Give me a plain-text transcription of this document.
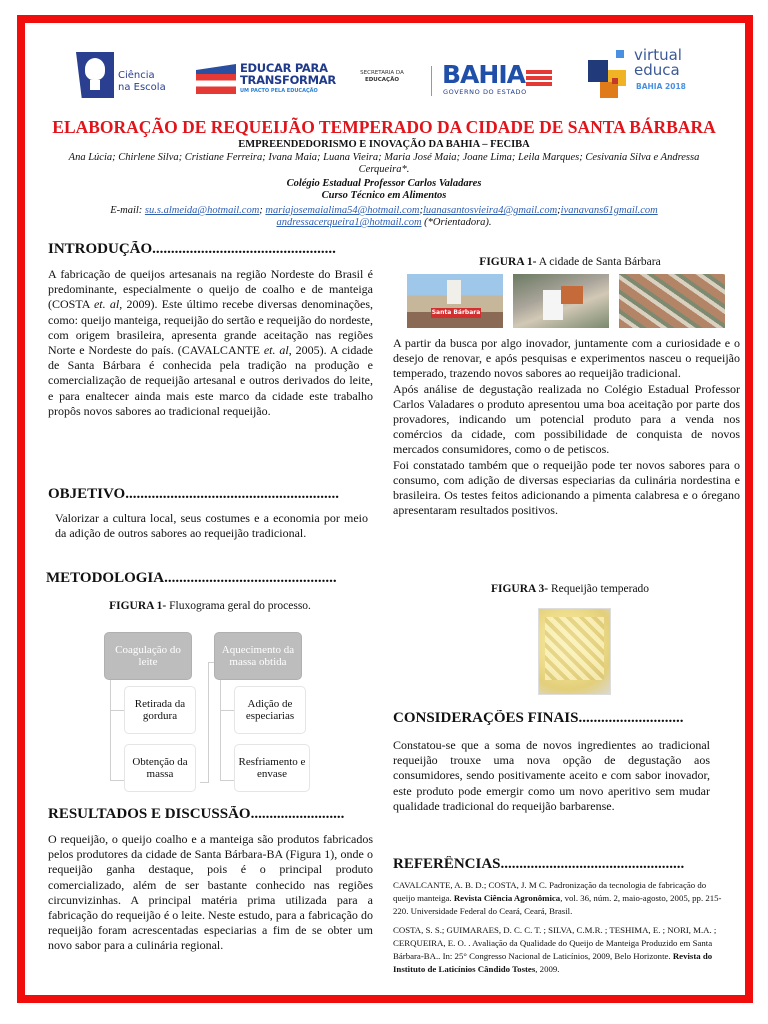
Ciência
na Escola
EDUCAR PARA
TRANSFORMAR
UM PACTO PELA EDUCAÇÃO
SECRETARIA DA
EDUCAÇÃO	BAHIA
GOVERNO DO ESTADO
virtual
educa
BAHIA 2018
ELABORAÇÃO DE REQUEIJÃO TEMPERADO DA CIDADE DE SANTA BÁRBARA
EMPREENDEDORISMO E INOVAÇÃO DA BAHIA – FECIBA
Ana Lúcia; Chirlene Silva; Cristiane Ferreira; Ivana Maia; Luana Vieira; Maria José Maia; Joane Lima; Leila Marques; Cesivania Silva e Andressa Cerqueira*.
Colégio Estadual Professor Carlos Valadares
Curso Técnico em Alimentos
E-mail: su.s.almeida@hotmail.com; mariajosemaialima54@hotmail.com;luanasantosvieira4@gmail.com;ivanavans61gmail.com
andressacerqueira1@hotmail.com (*Orientadora).
INTRODUÇÃO.................................................
A fabricação de queijos artesanais na região Nordeste do Brasil é predominante, especialmente o queijo de coalho e de manteiga (COSTA et. al, 2009). Este último recebe diversas denominações, como: queijo manteiga, requeijão do sertão e requeijão do nordeste, com origem brasileira, apresenta grande aceitação nas regiões Norte e Nordeste do país. (CAVALCANTE et. al, 2005). A cidade de Santa Bárbara é conhecida pela tradição na produção e comercialização de requeijão artesanal e outros derivados do leite, e para enaltecer ainda mais este marco da cidade este trabalho propôs novos sabores ao tradicional requeijão.
OBJETIVO.........................................................
Valorizar a cultura local, seus costumes e a economia por meio da adição de outros sabores ao requeijão tradicional.
METODOLOGIA..............................................
FIGURA 1- Fluxograma geral do processo.
Coagulação do leite
Retirada da gordura
Obtenção da massa
Aquecimento da massa obtida
Adição de especiarias
Resfriamento e envase
RESULTADOS E DISCUSSÃO.........................
O requeijão, o queijo coalho e a manteiga são produtos fabricados pelos produtores da cidade de Santa Bárbara-BA (Figura 1), onde o requeijão ganha destaque, pois é o principal produto comercializado, além de ser bastante conhecido nas regiões circunvizinhas. A principal matéria prima utilizada para a fabricação do requeijão é o leite. Neste estudo, para a fabricação do requeijão foram acrescentadas especiarias a fim de se obter um novo sabor para a culinária regional.
FIGURA 1- A cidade de Santa Bárbara
Santa Bárbara
A partir da busca por algo inovador, juntamente com a curiosidade e o desejo de renovar, e após pesquisas e experimentos nasceu o requeijão temperado, trazendo novos sabores ao requeijão tradicional.
Após análise de degustação realizada no Colégio Estadual Professor Carlos Valadares o produto apresentou uma boa aceitação por parte dos provadores, indicando um potencial produto para a venda nos comércios da cidade, com possibilidade de conquista de novos mercados consumidores, como o de petiscos.
Foi constatado também que o requeijão pode ter novos sabores para o consumo, com adição de diversas especiarias da culinária nordestina e brasileira. Os testes feitos adicionando a pimenta calabresa e o óregano apresentaram resultados positivos.
FIGURA 3- Requeijão temperado
CONSIDERAÇÕES FINAIS............................
Constatou-se que a soma de novos ingredientes ao tradicional requeijão trouxe uma nova opção de degustação aos consumidores, sendo positivamente aceito e com sabor inovador, este produto pode emergir como um novo aperitivo sem mudar qualidade tradicional do requeijão barbarense.
REFERÊNCIAS.................................................
CAVALCANTE, A. B. D.; COSTA, J. M C. Padronização da tecnologia de fabricação do queijo manteiga. Revista Ciência Agronômica, vol. 36, núm. 2, maio-agosto, 2005, pp. 215-220. Universidade Federal do Ceará, Ceará, Brasil.
COSTA, S. S.; GUIMARAES, D. C. C. T. ; SILVA, C.M.R. ; TESHIMA, E. ; NORI, M.A. ; CERQUEIRA, E. O. . Avaliação da Qualidade do Queijo de Manteiga Produzido em Santa Bárbara-BA.. In: 25° Congresso Nacional de Laticínios, 2009, Belo Horizonte. Revista do Instituto de Laticínios Cândido Tostes, 2009.
